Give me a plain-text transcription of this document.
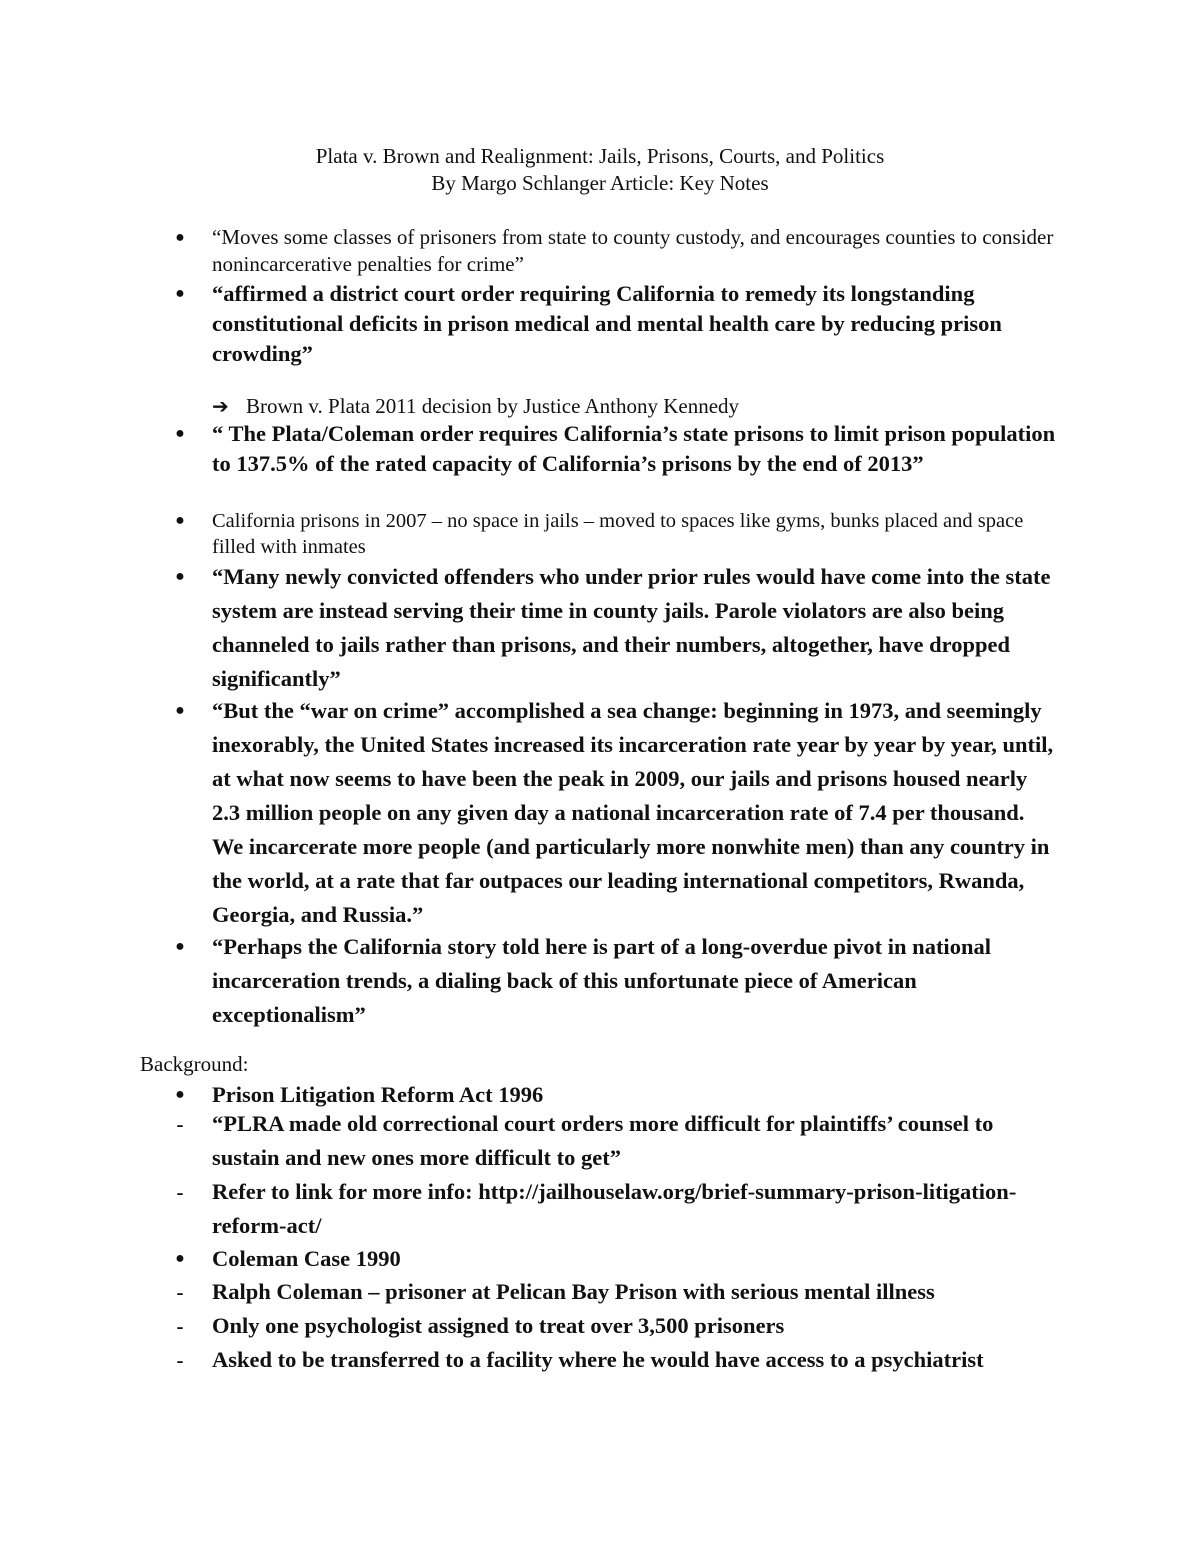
Plata v. Brown and Realignment: Jails, Prisons, Courts, and Politics
By Margo Schlanger Article: Key Notes
● “Moves some classes of prisoners from state to county custody, and encourages counties to consider nonincarcerative penalties for crime”
● “affirmed a district court order requiring California to remedy its longstanding constitutional deficits in prison medical and mental health care by reducing prison crowding”
➔ Brown v. Plata 2011 decision by Justice Anthony Kennedy
● “ The Plata/Coleman order requires California’s state prisons to limit prison population to 137.5% of the rated capacity of California’s prisons by the end of 2013”
● California prisons in 2007 – no space in jails – moved to spaces like gyms, bunks placed and space filled with inmates
● “Many newly convicted offenders who under prior rules would have come into the state system are instead serving their time in county jails. Parole violators are also being channeled to jails rather than prisons, and their numbers, altogether, have dropped significantly”
● “But the “war on crime” accomplished a sea change: beginning in 1973, and seemingly inexorably, the United States increased its incarceration rate year by year by year, until, at what now seems to have been the peak in 2009, our jails and prisons housed nearly 2.3 million people on any given day a national incarceration rate of 7.4 per thousand. We incarcerate more people (and particularly more nonwhite men) than any country in the world, at a rate that far outpaces our leading international competitors, Rwanda, Georgia, and Russia.”
● “Perhaps the California story told here is part of a long-overdue pivot in national incarceration trends, a dialing back of this unfortunate piece of American exceptionalism”
Background:
● Prison Litigation Reform Act 1996
- “PLRA made old correctional court orders more difficult for plaintiffs’ counsel to sustain and new ones more difficult to get”
- Refer to link for more info: http://jailhouselaw.org/brief-summary-prison-litigation-reform-act/
● Coleman Case 1990
- Ralph Coleman – prisoner at Pelican Bay Prison with serious mental illness
- Only one psychologist assigned to treat over 3,500 prisoners
- Asked to be transferred to a facility where he would have access to a psychiatrist
